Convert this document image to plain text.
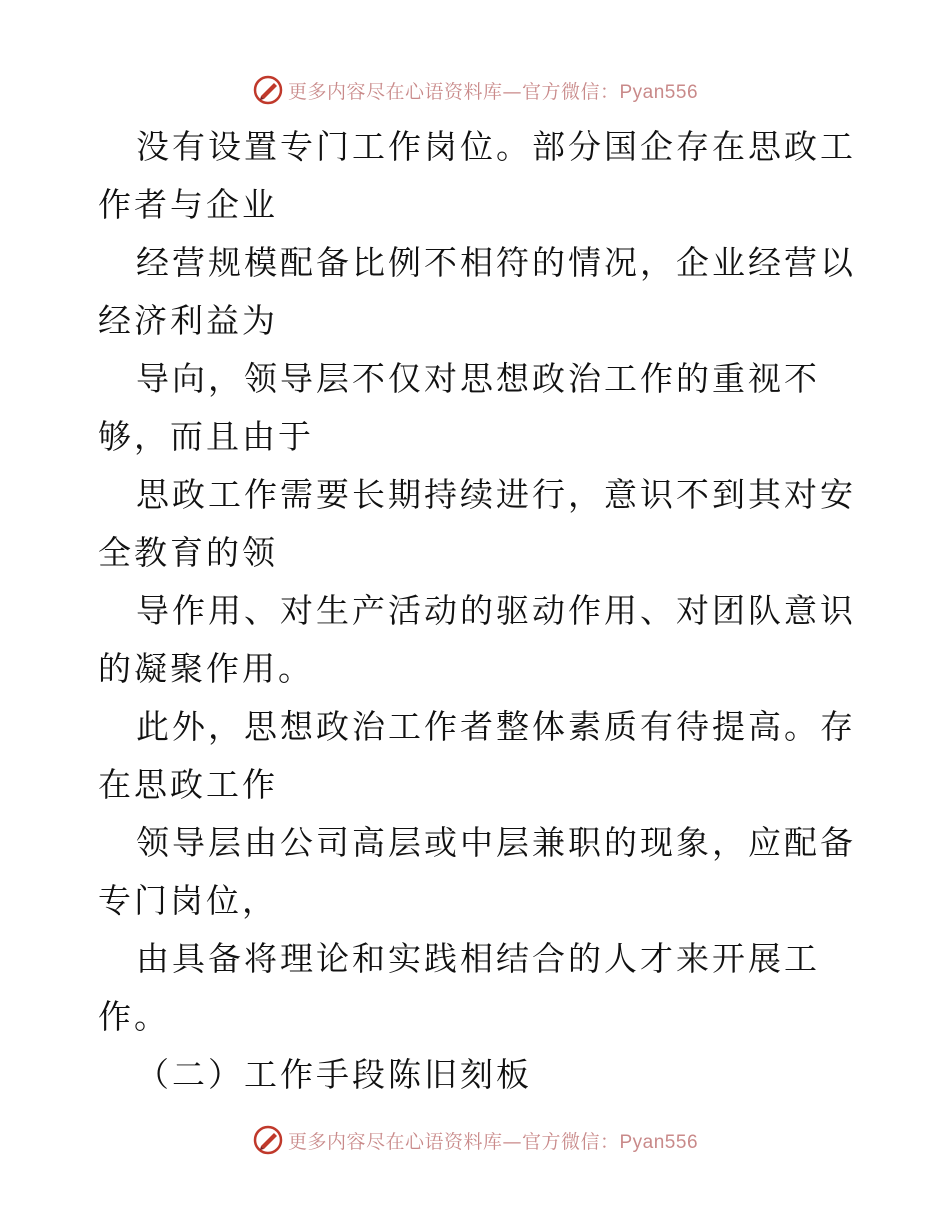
更多内容尽在心语资料库—官方微信：Pyan556

没有设置专门工作岗位。部分国企存在思政工作者与企业

经营规模配备比例不相符的情况，企业经营以经济利益为

导向，领导层不仅对思想政治工作的重视不够，而且由于

思政工作需要长期持续进行，意识不到其对安全教育的领

导作用、对生产活动的驱动作用、对团队意识的凝聚作用。

此外，思想政治工作者整体素质有待提高。存在思政工作

领导层由公司高层或中层兼职的现象，应配备专门岗位，

由具备将理论和实践相结合的人才来开展工作。

（二）工作手段陈旧刻板

更多内容尽在心语资料库—官方微信：Pyan556
